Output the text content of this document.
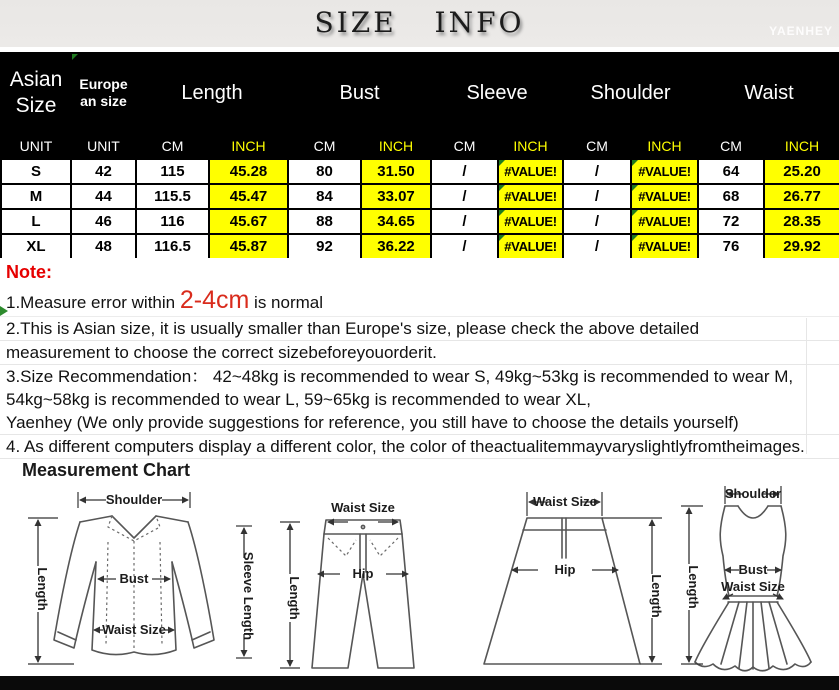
SIZE INFO	YAENHEY
Asian Size	Europe an size	Length		Bust		Sleeve		Shoulder		Waist	
UNIT	UNIT	CM	INCH	CM	INCH	CM	INCH	CM	INCH	CM	INCH
S	42	115	45.28	80	31.50	/	#VALUE!	/	#VALUE!	64	25.20
M	44	115.5	45.47	84	33.07	/	#VALUE!	/	#VALUE!	68	26.77
L	46	116	45.67	88	34.65	/	#VALUE!	/	#VALUE!	72	28.35
XL	48	116.5	45.87	92	36.22	/	#VALUE!	/	#VALUE!	76	29.92
Note:
1.Measure error within 2-4cm is normal
2.This is Asian size, it is usually smaller than Europe's size, please check the above detailed
measurement to choose the correct sizebeforeyouorderit.
3.Size Recommendation： 42~48kg is recommended to wear S, 49kg~53kg is recommended to wear M,
54kg~58kg is recommended to wear L, 59~65kg is recommended to wear XL,
Yaenhey (We only provide suggestions for reference, you still have to choose the details yourself)
4. As different computers display a different color, the color of theactualitemmayvaryslightlyfromtheimages.
Measurement Chart
Shoulder
Length	Bust
Waist Size	Sleeve Length
Waist Size
Hip
Length
Waist Size
Hip
Length
Shoulder
Bust
Waist Size
Length
